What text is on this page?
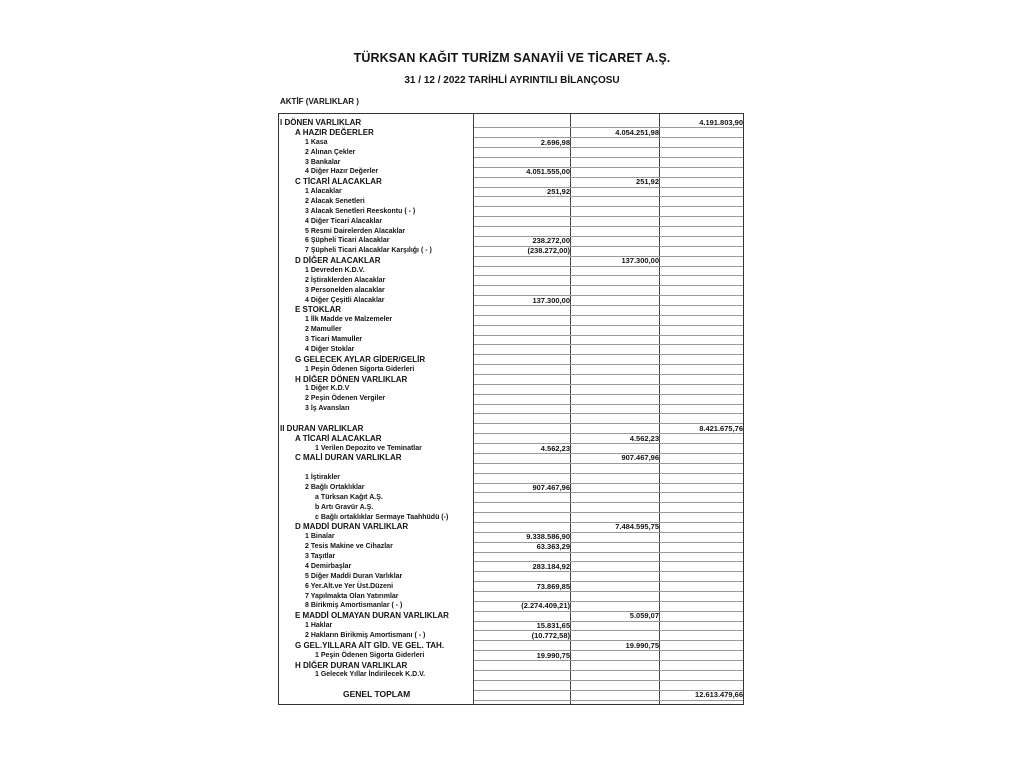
TÜRKSAN KAĞIT TURİZM SANAYİİ VE TİCARET A.Ş.
31 / 12 / 2022 TARİHLİ AYRINTILI BİLANÇOSU
AKTİF (VARLIKLAR )
I DÖNEN VARLIKLAR	4.191.803,90
A HAZIR DEĞERLER	4.054.251,98
1 Kasa	2.696,98
2 Alınan Çekler
3 Bankalar
4 Diğer Hazır Değerler	4.051.555,00
C TİCARİ ALACAKLAR	251,92
1 Alacaklar	251,92
2 Alacak Senetleri
3 Alacak Senetleri Reeskontu ( - )
4 Diğer Ticari Alacaklar
5 Resmi Dairelerden Alacaklar
6 Şüpheli Ticari Alacaklar	238.272,00
7 Şüpheli Ticari Alacaklar Karşılığı ( - )	(238.272,00)
D DİĞER ALACAKLAR	137.300,00
1 Devreden K.D.V.
2 İştiraklerden Alacaklar
3 Personelden alacaklar
4 Diğer Çeşitli Alacaklar	137.300,00
E STOKLAR
1 İlk Madde ve Malzemeler
2 Mamuller
3 Ticari Mamuller
4 Diğer Stoklar
G GELECEK AYLAR GİDER/GELİR
1 Peşin Ödenen Sigorta Giderleri
H DİĞER DÖNEN VARLIKLAR
1 Diğer K.D.V
2 Peşin Ödenen Vergiler
3 İş Avansları
II DURAN VARLIKLAR	8.421.675,76
A TİCARİ ALACAKLAR	4.562,23
1 Verilen Depozito ve Teminatlar	4.562,23
C MALİ DURAN VARLIKLAR	907.467,96
1 İştirakler
2 Bağlı Ortaklıklar	907.467,96
a Türksan Kağıt A.Ş.
b Artı Gravür A.Ş.
c Bağlı ortaklıklar Sermaye Taahhüdü (-)
D MADDİ DURAN VARLIKLAR	7.484.595,75
1 Binalar	9.338.586,90
2 Tesis Makine ve Cihazlar	63.363,29
3 Taşıtlar
4 Demirbaşlar	283.184,92
5 Diğer Maddi Duran Varlıklar
6 Yer.Alt.ve Yer Üst.Düzeni	73.869,85
7 Yapılmakta Olan Yatırımlar
8 Birikmiş Amortismanlar ( - )	(2.274.409,21)
E MADDİ OLMAYAN DURAN VARLIKLAR	5.059,07
1 Haklar	15.831,65
2 Hakların Birikmiş Amortismanı ( - )	(10.772,58)
G GEL.YILLARA AİT GİD. VE GEL. TAH.	19.990,75
1 Peşin Ödenen Sigorta Giderleri	19.990,75
H DİĞER DURAN VARLIKLAR
1 Gelecek Yıllar İndirilecek K.D.V.
GENEL TOPLAM	12.613.479,66
